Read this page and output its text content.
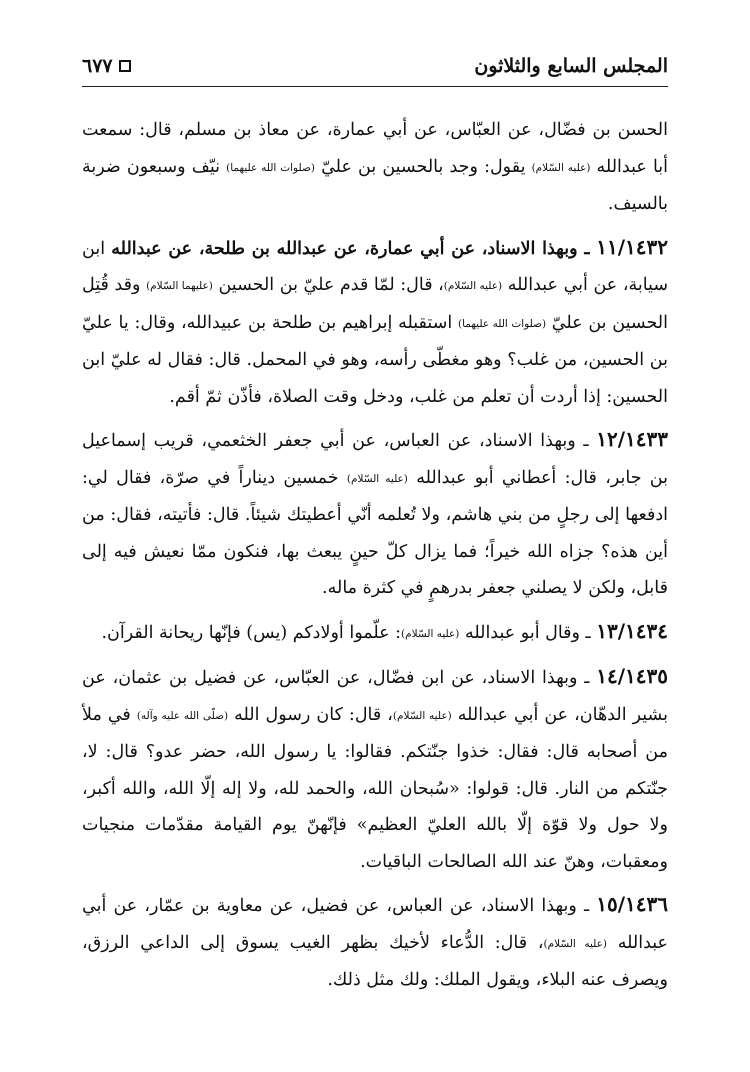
المجلس السابع والثلاثون
٦٧٧

الحسن بن فضّال، عن العبّاس، عن أبي عمارة، عن معاذ بن مسلم، قال: سمعت أبا عبدالله (عليه السّلام) يقول: وجد بالحسين بن عليّ (صلوات الله عليهما) نيّف وسبعون ضربة بالسيف.

١١/١٤٣٢ ـ وبهذا الاسناد، عن أبي عمارة، عن عبدالله بن طلحة، عن عبدالله ابن سيابة، عن أبي عبدالله (عليه السّلام)، قال: لمّا قدم عليّ بن الحسين (عليهما السّلام) وقد قُتِل الحسين بن عليّ (صلوات الله عليهما) استقبله إبراهيم بن طلحة بن عبيدالله، وقال: يا عليّ بن الحسين، من غلب؟ وهو مغطّى رأسه، وهو في المحمل. قال: فقال له عليّ ابن الحسين: إذا أردت أن تعلم من غلب، ودخل وقت الصلاة، فأذّن ثمّ أقم.

١٢/١٤٣٣ ـ وبهذا الاسناد، عن العباس، عن أبي جعفر الخثعمي، قريب إسماعيل بن جابر، قال: أعطاني أبو عبدالله (عليه السّلام) خمسين ديناراً في صرّة، فقال لي: ادفعها إلى رجلٍ من بني هاشم، ولا تُعلمه أنّي أعطيتك شيئاً. قال: فأتيته، فقال: من أين هذه؟ جزاه الله خيراً؛ فما يزال كلّ حينٍ يبعث بها، فنكون ممّا نعيش فيه إلى قابل، ولكن لا يصلني جعفر بدرهمٍ في كثرة ماله.

١٣/١٤٣٤ ـ وقال أبو عبدالله (عليه السّلام): علّموا أولادكم (يس) فإنّها ريحانة القرآن.

١٤/١٤٣٥ ـ وبهذا الاسناد، عن ابن فضّال، عن العبّاس، عن فضيل بن عثمان، عن بشير الدهّان، عن أبي عبدالله (عليه السّلام)، قال: كان رسول الله (صلّى الله عليه وآله) في ملأ من أصحابه قال: فقال: خذوا جنّتكم. فقالوا: يا رسول الله، حضر عدو؟ قال: لا، جنّتكم من النار. قال: قولوا: «سُبحان الله، والحمد لله، ولا إله إلّا الله، والله أكبر، ولا حول ولا قوّة إلّا بالله العليّ العظيم» فإنّهنّ يوم القيامة مقدّمات منجيات ومعقبات، وهنّ عند الله الصالحات الباقيات.

١٥/١٤٣٦ ـ وبهذا الاسناد، عن العباس، عن فضيل، عن معاوية بن عمّار، عن أبي عبدالله (عليه السّلام)، قال: الدُّعاء لأخيك بظهر الغيب يسوق إلى الداعي الرزق، ويصرف عنه البلاء، ويقول الملك: ولك مثل ذلك.
